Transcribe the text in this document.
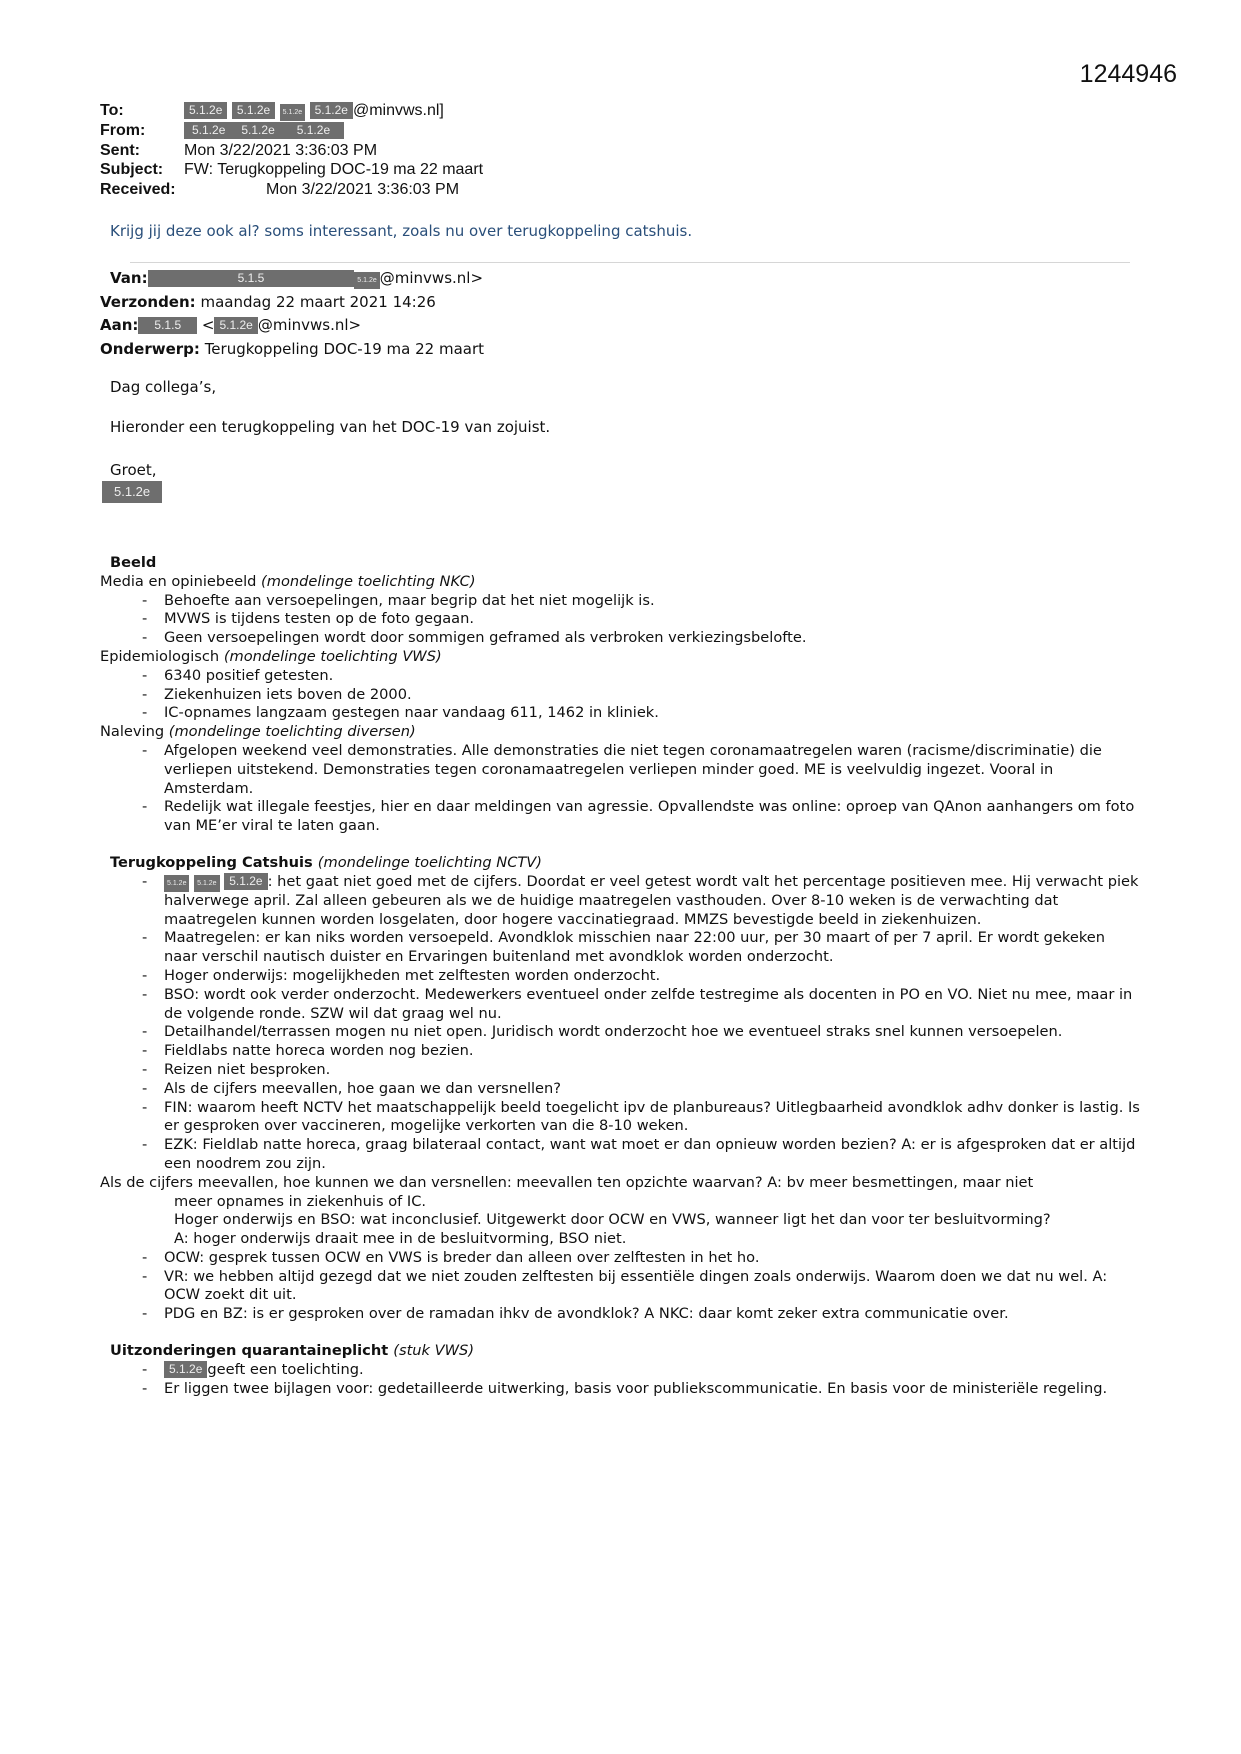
1244946
To:	5.1.2e 5.1.2e 5.1.2e 5.1.2e @minvws.nl]
From:	5.1.2e 5.1.2e 5.1.2e
Sent:	Mon 3/22/2021 3:36:03 PM
Subject: FW: Terugkoppeling DOC-19 ma 22 maart
Received:	Mon 3/22/2021 3:36:03 PM
Krijg jij deze ook al? soms interessant, zoals nu over terugkoppeling catshuis.
Van:	5.1.5	5.1.2e @minvws.nl>
Verzonden: maandag 22 maart 2021 14:26
Aan: 5.1.5 < 5.1.2e @minvws.nl>
Onderwerp: Terugkoppeling DOC-19 ma 22 maart
Dag collega’s,
Hieronder een terugkoppeling van het DOC-19 van zojuist.
Groet,
5.1.2e
Beeld
Media en opiniebeeld (mondelinge toelichting NKC)
- Behoefte aan versoepelingen, maar begrip dat het niet mogelijk is.
- MVWS is tijdens testen op de foto gegaan.
- Geen versoepelingen wordt door sommigen geframed als verbroken verkiezingsbelofte.
Epidemiologisch (mondelinge toelichting VWS)
- 6340 positief getesten.
- Ziekenhuizen iets boven de 2000.
- IC-opnames langzaam gestegen naar vandaag 611, 1462 in kliniek.
Naleving (mondelinge toelichting diversen)
- Afgelopen weekend veel demonstraties. Alle demonstraties die niet tegen coronamaatregelen waren (racisme/discriminatie) die verliepen uitstekend. Demonstraties tegen coronamaatregelen verliepen minder goed. ME is veelvuldig ingezet. Vooral in Amsterdam.
- Redelijk wat illegale feestjes, hier en daar meldingen van agressie. Opvallendste was online: oproep van QAnon aanhangers om foto van ME’er viral te laten gaan.
Terugkoppeling Catshuis (mondelinge toelichting NCTV)
- 5.1.2e 5.1.2e 5.1.2e : het gaat niet goed met de cijfers. Doordat er veel getest wordt valt het percentage positieven mee. Hij verwacht piek halverwege april. Zal alleen gebeuren als we de huidige maatregelen vasthouden. Over 8-10 weken is de verwachting dat maatregelen kunnen worden losgelaten, door hogere vaccinatiegraad. MMZS bevestigde beeld in ziekenhuizen.
- Maatregelen: er kan niks worden versoepeld. Avondklok misschien naar 22:00 uur, per 30 maart of per 7 april. Er wordt gekeken naar verschil nautisch duister en Ervaringen buitenland met avondklok worden onderzocht.
- Hoger onderwijs: mogelijkheden met zelftesten worden onderzocht.
- BSO: wordt ook verder onderzocht. Medewerkers eventueel onder zelfde testregime als docenten in PO en VO. Niet nu mee, maar in de volgende ronde. SZW wil dat graag wel nu.
- Detailhandel/terrassen mogen nu niet open. Juridisch wordt onderzocht hoe we eventueel straks snel kunnen versoepelen.
- Fieldlabs natte horeca worden nog bezien.
- Reizen niet besproken.
- Als de cijfers meevallen, hoe gaan we dan versnellen?
- FIN: waarom heeft NCTV het maatschappelijk beeld toegelicht ipv de planbureaus? Uitlegbaarheid avondklok adhv donker is lastig. Is er gesproken over vaccineren, mogelijke verkorten van die 8-10 weken.
- EZK: Fieldlab natte horeca, graag bilateraal contact, want wat moet er dan opnieuw worden bezien? A: er is afgesproken dat er altijd een noodrem zou zijn.
Als de cijfers meevallen, hoe kunnen we dan versnellen: meevallen ten opzichte waarvan? A: bv meer besmettingen, maar niet
meer opnames in ziekenhuis of IC.
Hoger onderwijs en BSO: wat inconclusief. Uitgewerkt door OCW en VWS, wanneer ligt het dan voor ter besluitvorming?
A: hoger onderwijs draait mee in de besluitvorming, BSO niet.
- OCW: gesprek tussen OCW en VWS is breder dan alleen over zelftesten in het ho.
- VR: we hebben altijd gezegd dat we niet zouden zelftesten bij essentiële dingen zoals onderwijs. Waarom doen we dat nu wel. A: OCW zoekt dit uit.
- PDG en BZ: is er gesproken over de ramadan ihkv de avondklok? A NKC: daar komt zeker extra communicatie over.
Uitzonderingen quarantaineplicht (stuk VWS)
- 5.1.2e geeft een toelichting.
- Er liggen twee bijlagen voor: gedetailleerde uitwerking, basis voor publiekscommunicatie. En basis voor de ministeriële regeling.
